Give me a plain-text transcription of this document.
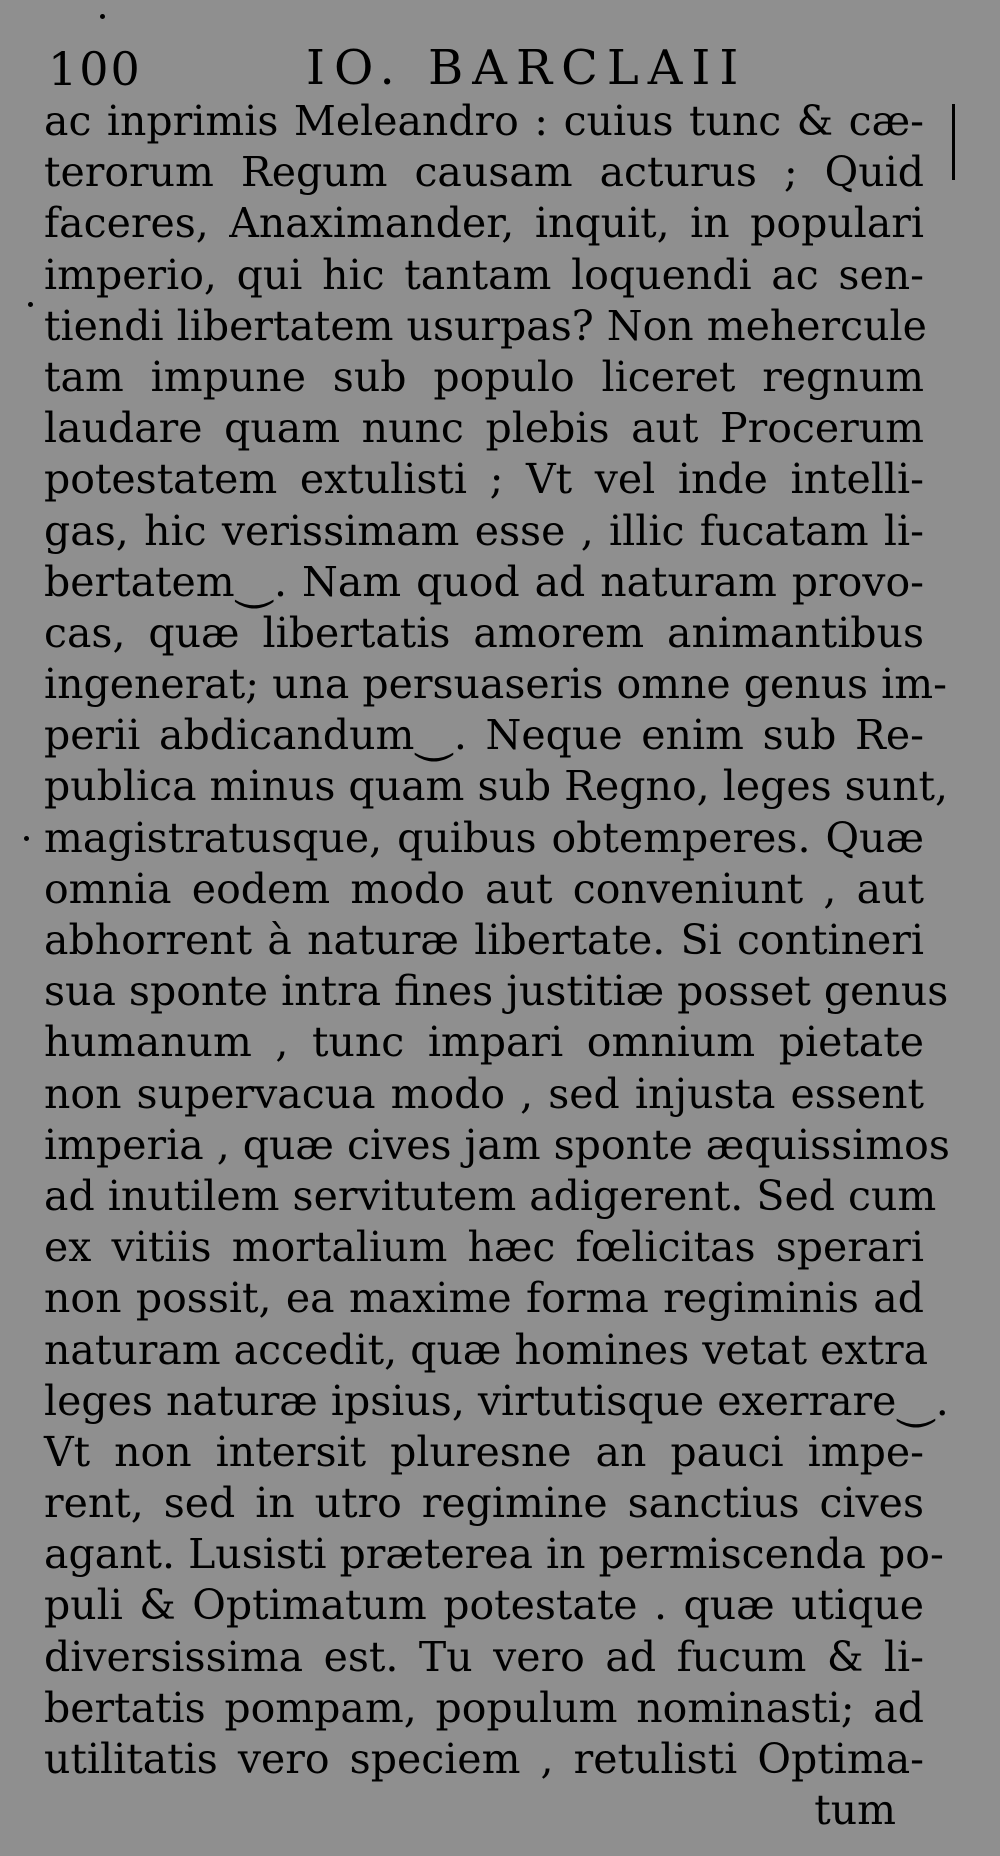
100	IO. BARCLAII
ac inprimis Meleandro : cuius tunc & cæ-
terorum Regum causam acturus ; Quid
faceres, Anaximander, inquit, in populari
imperio, qui hic tantam loquendi ac sen-
tiendi libertatem usurpas? Non mehercule
tam impune sub populo liceret regnum
laudare quam nunc plebis aut Procerum
potestatem extulisti ; Vt vel inde intelli-
gas, hic verissimam esse , illic fucatam li-
bertatem⏝. Nam quod ad naturam provo-
cas, quæ libertatis amorem animantibus
ingenerat; una persuaseris omne genus im-
perii abdicandum⏝. Neque enim sub Re-
publica minus quam sub Regno, leges sunt,
magistratusque, quibus obtemperes. Quæ
omnia eodem modo aut conveniunt , aut
abhorrent à naturæ libertate. Si contineri
sua sponte intra fines justitiæ posset genus
humanum , tunc impari omnium pietate
non supervacua modo , sed injusta essent
imperia , quæ cives jam sponte æquissimos
ad inutilem servitutem adigerent. Sed cum
ex vitiis mortalium hæc fœlicitas sperari
non possit, ea maxime forma regiminis ad
naturam accedit, quæ homines vetat extra
leges naturæ ipsius, virtutisque exerrare⏝.
Vt non intersit pluresne an pauci impe-
rent, sed in utro regimine sanctius cives
agant. Lusisti præterea in permiscenda po-
puli & Optimatum potestate . quæ utique
diversissima est. Tu vero ad fucum & li-
bertatis pompam, populum nominasti; ad
utilitatis vero speciem , retulisti Optima-
tum
